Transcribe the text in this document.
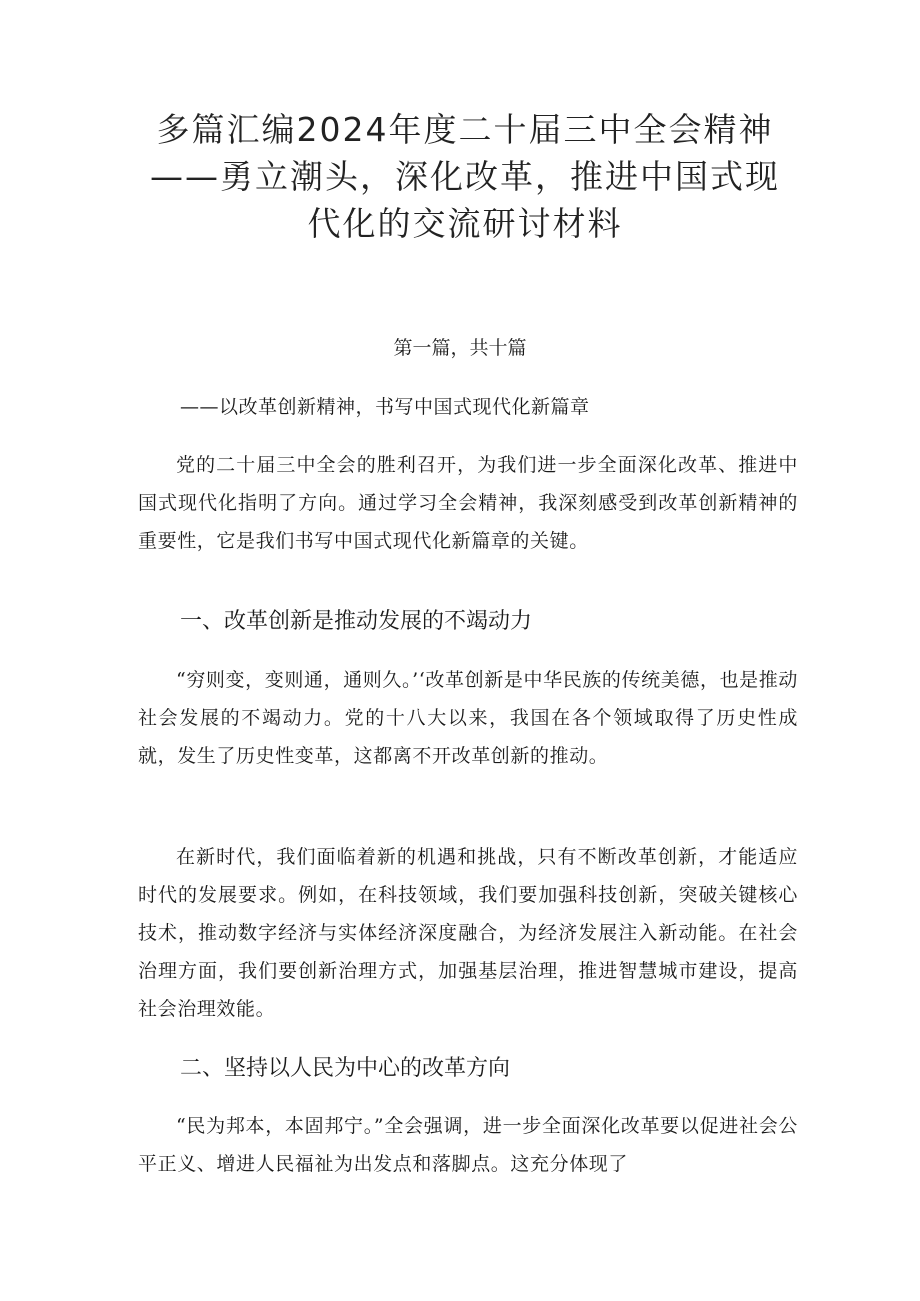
多篇汇编2024年度二十届三中全会精神——勇立潮头，深化改革，推进中国式现代化的交流研讨材料

第一篇，共十篇

——以改革创新精神，书写中国式现代化新篇章

党的二十届三中全会的胜利召开，为我们进一步全面深化改革、推进中国式现代化指明了方向。通过学习全会精神，我深刻感受到改革创新精神的重要性，它是我们书写中国式现代化新篇章的关键。

一、改革创新是推动发展的不竭动力

“穷则变，变则通，通则久。’‘改革创新是中华民族的传统美德，也是推动社会发展的不竭动力。党的十八大以来，我国在各个领域取得了历史性成就，发生了历史性变革，这都离不开改革创新的推动。

在新时代，我们面临着新的机遇和挑战，只有不断改革创新，才能适应时代的发展要求。例如，在科技领域，我们要加强科技创新，突破关键核心技术，推动数字经济与实体经济深度融合，为经济发展注入新动能。在社会治理方面，我们要创新治理方式，加强基层治理，推进智慧城市建设，提高社会治理效能。

二、坚持以人民为中心的改革方向

“民为邦本，本固邦宁。”全会强调，进一步全面深化改革要以促进社会公平正义、增进人民福祉为出发点和落脚点。这充分体现了
